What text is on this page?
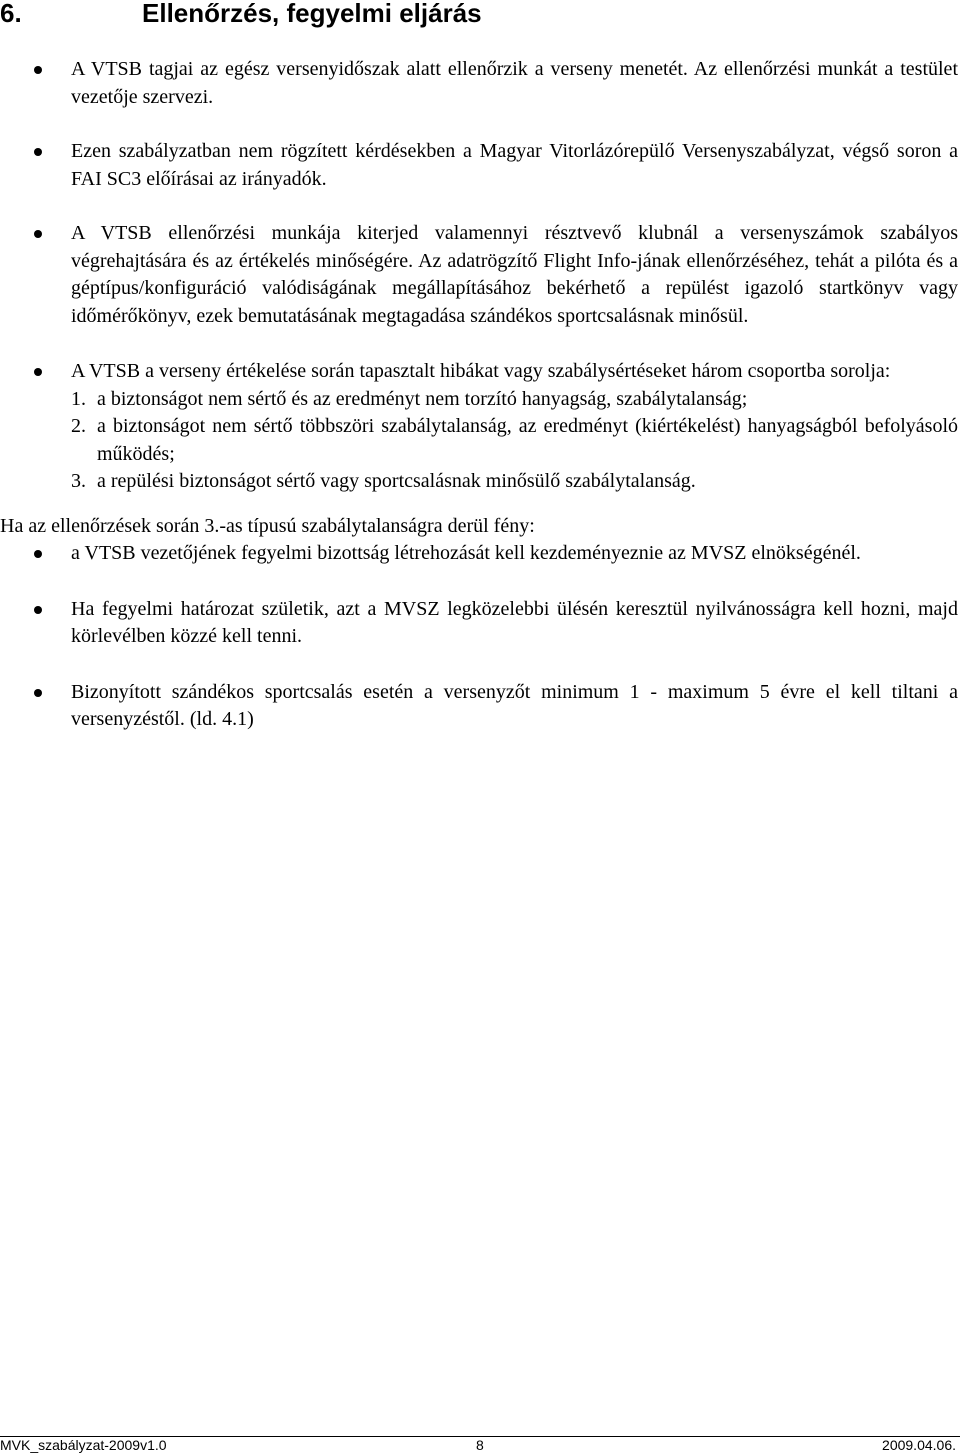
6.	Ellenőrzés, fegyelmi eljárás
A VTSB tagjai az egész versenyidőszak alatt ellenőrzik a verseny menetét. Az ellenőrzési munkát a testület vezetője szervezi.
Ezen szabályzatban nem rögzített kérdésekben a Magyar Vitorlázórepülő Versenyszabályzat, végső soron a FAI SC3 előírásai az irányadók.
A VTSB ellenőrzési munkája kiterjed valamennyi résztvevő klubnál a versenyszámok szabályos végrehajtására és az értékelés minőségére. Az adatrögzítő Flight Info-jának ellenőrzéséhez, tehát a pilóta és a géptípus/konfiguráció valódiságának megállapításához bekérhető a repülést igazoló startkönyv vagy időmérőkönyv, ezek bemutatásának megtagadása szándékos sportcsalásnak minősül.
A VTSB a verseny értékelése során tapasztalt hibákat vagy szabálysértéseket három csoportba sorolja:
1. a biztonságot nem sértő és az eredményt nem torzító hanyagság, szabálytalanság;
2. a biztonságot nem sértő többszöri szabálytalanság, az eredményt (kiértékelést) hanyagságból befolyásoló működés;
3. a repülési biztonságot sértő vagy sportcsalásnak minősülő szabálytalanság.

Ha az ellenőrzések során 3.-as típusú szabálytalanságra derül fény:

a VTSB vezetőjének fegyelmi bizottság létrehozását kell kezdeményeznie az MVSZ elnökségénél.
Ha fegyelmi határozat születik, azt a MVSZ legközelebbi ülésén keresztül nyilvánosságra kell hozni, majd körlevélben közzé kell tenni.
Bizonyított szándékos sportcsalás esetén a versenyzőt minimum 1 - maximum 5 évre el kell tiltani a versenyzéstől. (ld. 4.1)
MVK_szabályzat-2009v1.0	8	2009.04.06.
